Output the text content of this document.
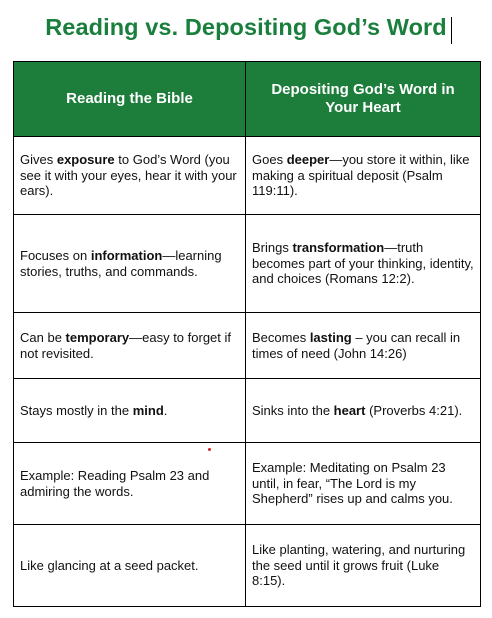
Reading vs. Depositing God’s Word
Reading the Bible	Depositing God’s Word in Your Heart
Gives exposure to God’s Word (you see it with your eyes, hear it with your ears).	Goes deeper—you store it within, like making a spiritual deposit (Psalm 119:11).
Focuses on information—learning stories, truths, and commands.	Brings transformation—truth becomes part of your thinking, identity, and choices (Romans 12:2).
Can be temporary—easy to forget if not revisited.	Becomes lasting – you can recall in times of need (John 14:26)
Stays mostly in the mind.	Sinks into the heart (Proverbs 4:21).
Example: Reading Psalm 23 and admiring the words.	Example: Meditating on Psalm 23 until, in fear, “The Lord is my Shepherd” rises up and calms you.
Like glancing at a seed packet.	Like planting, watering, and nurturing the seed until it grows fruit (Luke 8:15).
